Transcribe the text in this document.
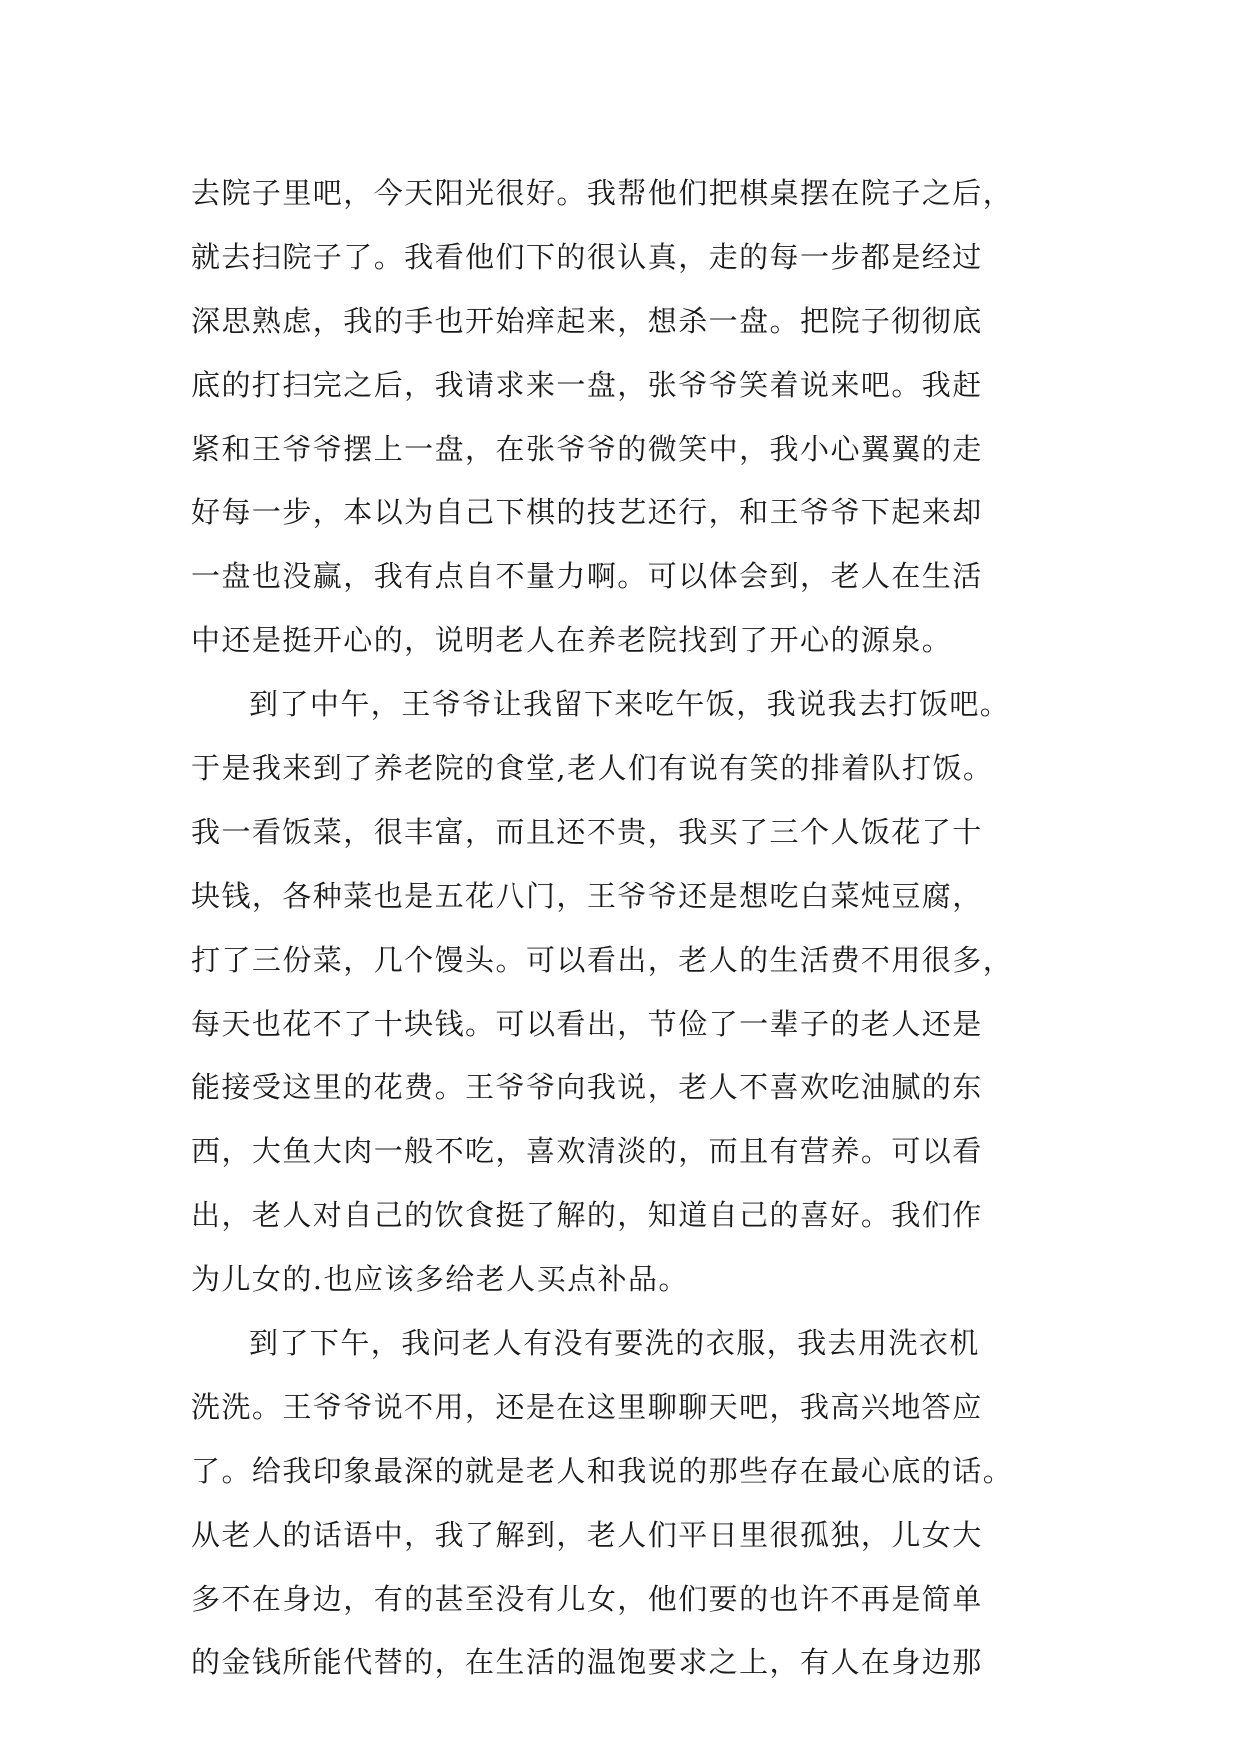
去院子里吧，今天阳光很好。我帮他们把棋桌摆在院子之后，
就去扫院子了。我看他们下的很认真，走的每一步都是经过
深思熟虑，我的手也开始痒起来，想杀一盘。把院子彻彻底
底的打扫完之后，我请求来一盘，张爷爷笑着说来吧。我赶
紧和王爷爷摆上一盘，在张爷爷的微笑中，我小心翼翼的走
好每一步，本以为自己下棋的技艺还行，和王爷爷下起来却
一盘也没赢，我有点自不量力啊。可以体会到，老人在生活
中还是挺开心的，说明老人在养老院找到了开心的源泉。
到了中午，王爷爷让我留下来吃午饭，我说我去打饭吧。
于是我来到了养老院的食堂,老人们有说有笑的排着队打饭。
我一看饭菜，很丰富，而且还不贵，我买了三个人饭花了十
块钱，各种菜也是五花八门，王爷爷还是想吃白菜炖豆腐，
打了三份菜，几个馒头。可以看出，老人的生活费不用很多，
每天也花不了十块钱。可以看出，节俭了一辈子的老人还是
能接受这里的花费。王爷爷向我说，老人不喜欢吃油腻的东
西，大鱼大肉一般不吃，喜欢清淡的，而且有营养。可以看
出，老人对自己的饮食挺了解的，知道自己的喜好。我们作
为儿女的.也应该多给老人买点补品。
到了下午，我问老人有没有要洗的衣服，我去用洗衣机
洗洗。王爷爷说不用，还是在这里聊聊天吧，我高兴地答应
了。给我印象最深的就是老人和我说的那些存在最心底的话。
从老人的话语中，我了解到，老人们平日里很孤独，儿女大
多不在身边，有的甚至没有儿女，他们要的也许不再是简单
的金钱所能代替的，在生活的温饱要求之上，有人在身边那
